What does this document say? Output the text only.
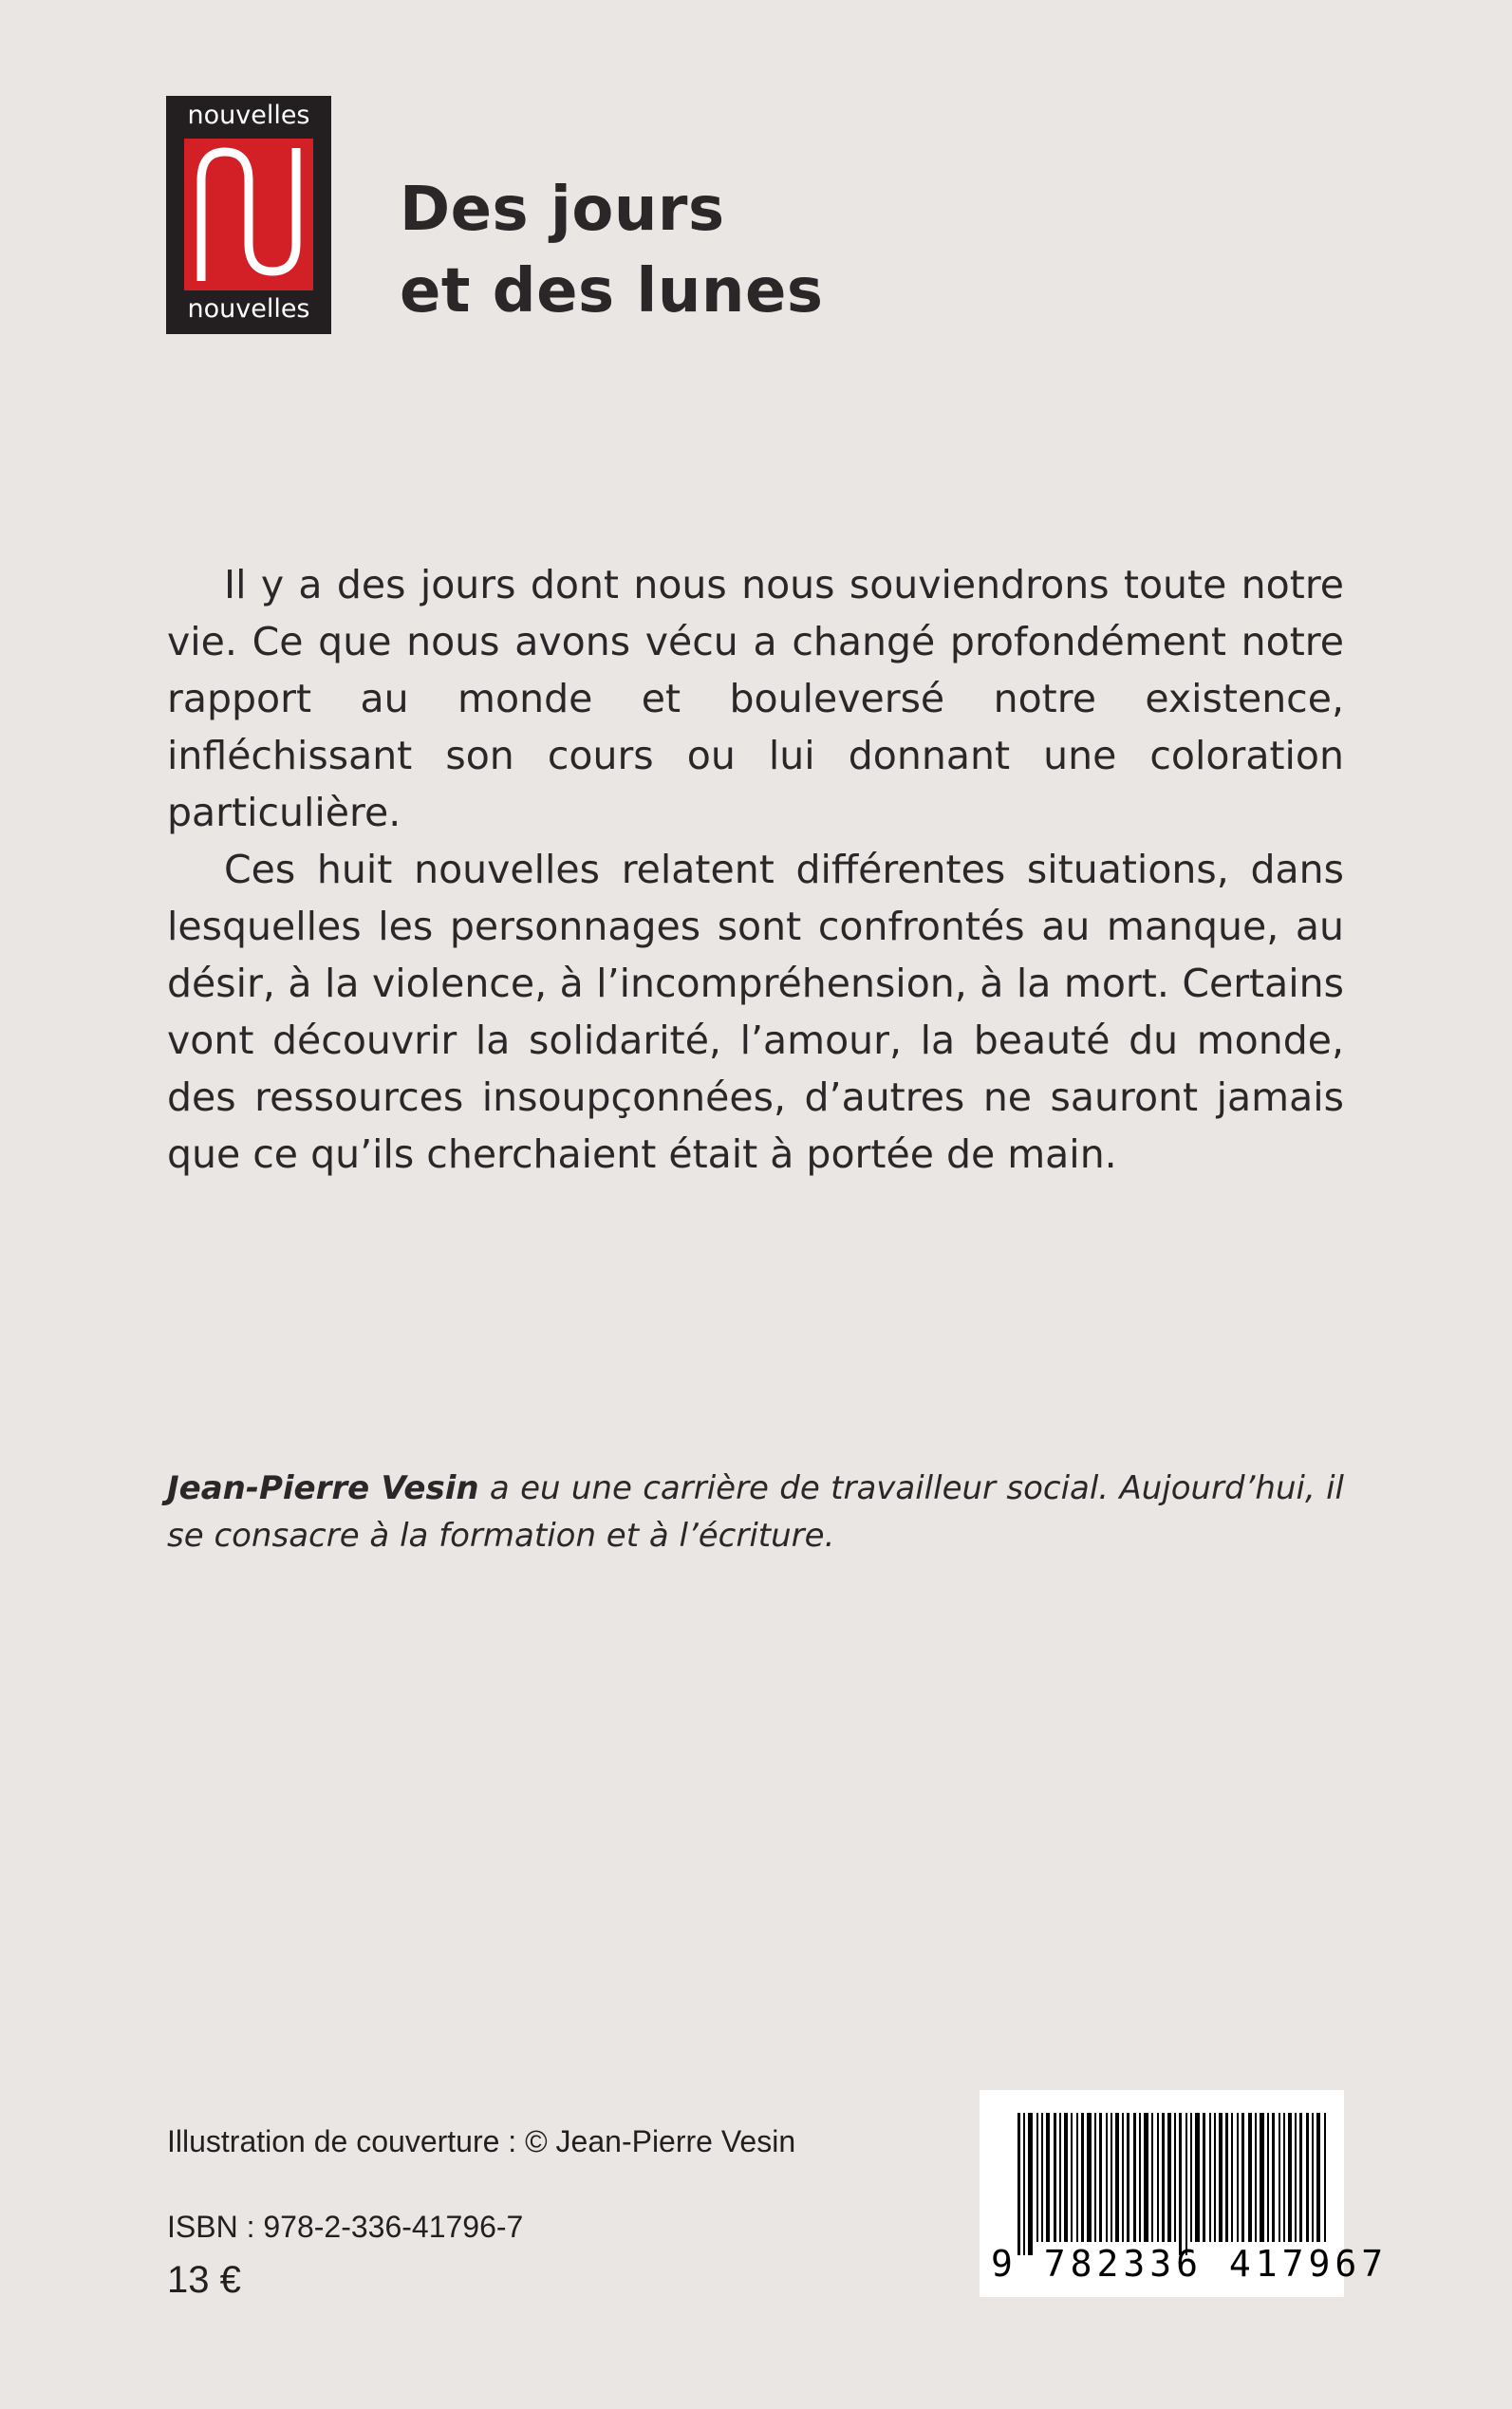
nouvelles
nouvelles
Des jours
et des lunes

Il y a des jours dont nous nous souviendrons toute notre vie. Ce que nous avons vécu a changé profondément notre rapport au monde et bouleversé notre existence, infléchissant son cours ou lui donnant une coloration particulière.

Ces huit nouvelles relatent différentes situations, dans lesquelles les personnages sont confrontés au manque, au désir, à la violence, à l’incompréhension, à la mort. Certains vont découvrir la solidarité, l’amour, la beauté du monde, des ressources insoupçonnées, d’autres ne sauront jamais que ce qu’ils cherchaient était à portée de main.

Jean-Pierre Vesin a eu une carrière de travailleur social. Aujourd’hui, il se consacre à la formation et à l’écriture.
Illustration de couverture : © Jean-Pierre Vesin
ISBN : 978-2-336-41796-7
13 €	9 782336 417967
